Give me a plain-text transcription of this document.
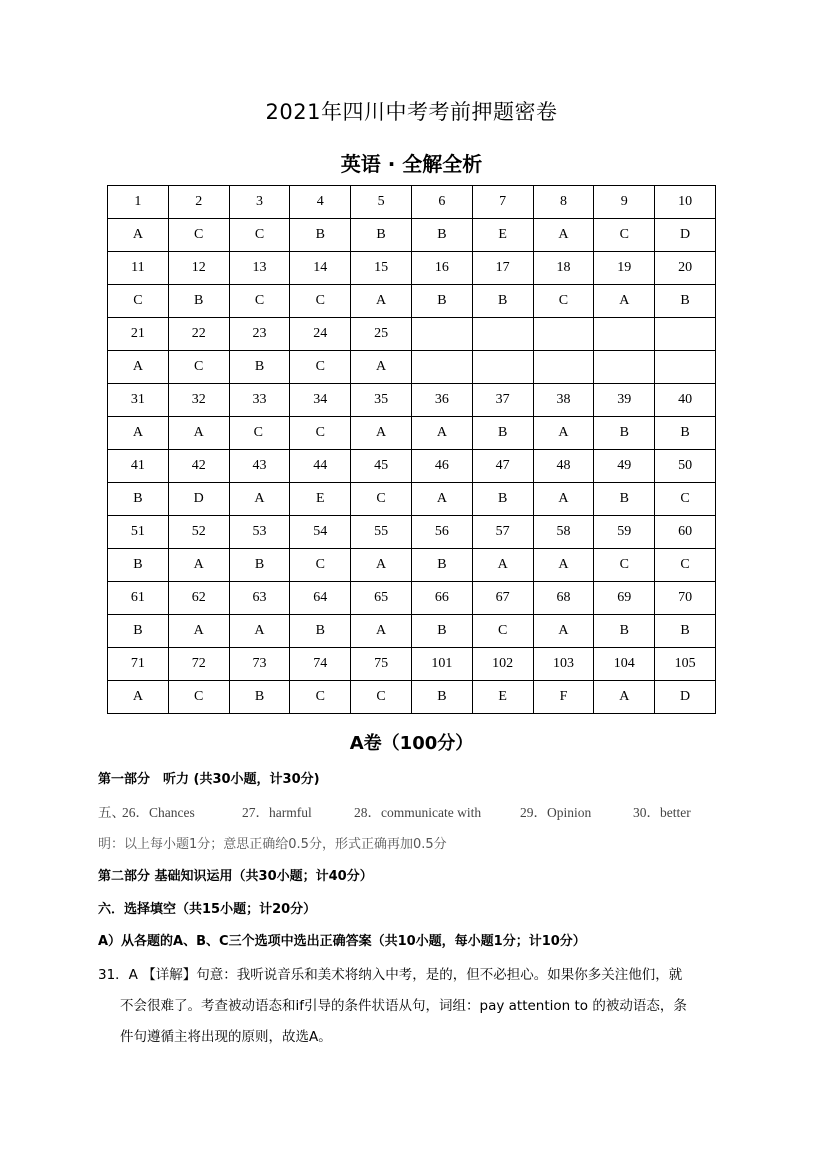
2021年四川中考考前押题密卷
英语 · 全解全析
1	2	3	4	5	6	7	8	9	10
A	C	C	B	B	B	E	A	C	D
11	12	13	14	15	16	17	18	19	20
C	B	C	C	A	B	B	C	A	B
21	22	23	24	25					
A	C	B	C	A					
31	32	33	34	35	36	37	38	39	40
A	A	C	C	A	A	B	A	B	B
41	42	43	44	45	46	47	48	49	50
B	D	A	E	C	A	B	A	B	C
51	52	53	54	55	56	57	58	59	60
B	A	B	C	A	B	A	A	C	C
61	62	63	64	65	66	67	68	69	70
B	A	A	B	A	B	C	A	B	B
71	72	73	74	75	101	102	103	104	105
A	C	B	C	C	B	E	F	A	D
A卷（100分）
第一部分　听力 (共30小题，计30分)
五、
26．Chances	27．harmful	28．communicate with	29．Opinion	30．better
明：以上每小题1分；意思正确给0.5分，形式正确再加0.5分
第二部分 基础知识运用（共30小题；计40分）
六．选择填空（共15小题；计20分）
A）从各题的A、B、C三个选项中选出正确答案（共10小题，每小题1分；计10分）
31．A 【详解】句意：我听说音乐和美术将纳入中考，是的，但不必担心。如果你多关注他们，就
不会很难了。考查被动语态和if引导的条件状语从句，词组：pay attention to 的被动语态，条
件句遵循主将出现的原则，故选A。
